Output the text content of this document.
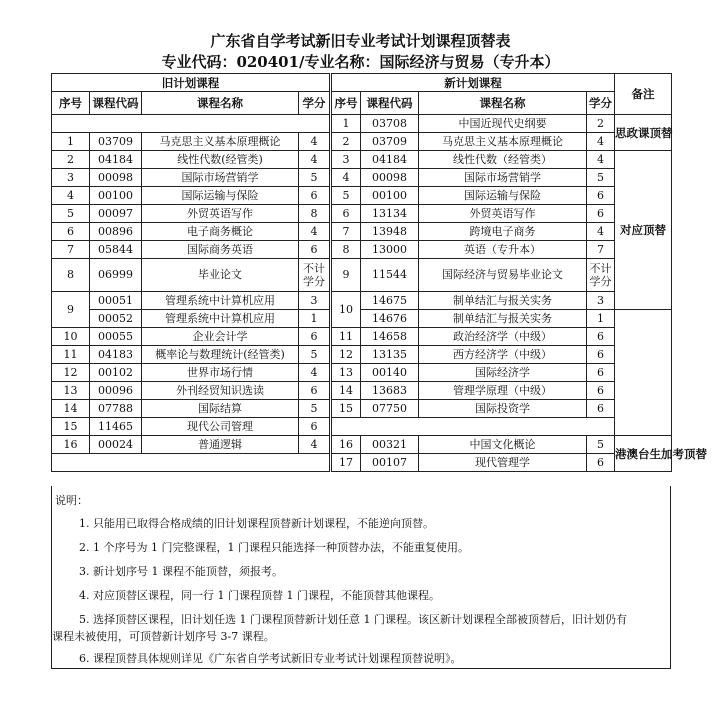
广东省自学考试新旧专业考试计划课程顶替表
专业代码：020401/专业名称：国际经济与贸易（专升本）
旧计划课程				新计划课程				备注	
序号	课程代码	课程名称	学分	序号	课程代码	课程名称	学分		
				1	03708	中国近现代史纲要	2	思政课顶替	
1	03709	马克思主义基本原理概论	4	2	03709	马克思主义基本原理概论	4		
2	04184	线性代数(经管类)	4	3	04184	线性代数（经管类）	4	对应顶替	
3	00098	国际市场营销学	5	4	00098	国际市场营销学	5		
4	00100	国际运输与保险	6	5	00100	国际运输与保险	6		
5	00097	外贸英语写作	8	6	13134	外贸英语写作	6		
6	00896	电子商务概论	4	7	13948	跨境电子商务	4		
7	05844	国际商务英语	6	8	13000	英语（专升本）	7		
8	06999	毕业论文	不计学分	9	11544	国际经济与贸易毕业论文	不计学分		
9	00051	管理系统中计算机应用	3	10	14675	制单结汇与报关实务	3	
	00052	管理系统中计算机应用	1		14676	制单结汇与报关实务	1		
10	00055	企业会计学	6	11	14658	政治经济学（中级）	6		
11	04183	概率论与数理统计(经管类)	5	12	13135	西方经济学（中级）	6		
12	00102	世界市场行情	4	13	00140	国际经济学	6		
13	00096	外刊经贸知识选读	6	14	13683	管理学原理（中级）	6		
14	07788	国际结算	5	15	07750	国际投资学	6		
15	11465	现代公司管理	6						
16	00024	普通逻辑	4	16	00321	中国文化概论	5	港澳台生加考顶替	
				17	00107	现代管理学	6		
说明：
1. 只能用已取得合格成绩的旧计划课程顶替新计划课程，不能逆向顶替。
2. 1 个序号为 1 门完整课程，1 门课程只能选择一种顶替办法，不能重复使用。
3. 新计划序号 1 课程不能顶替，须报考。
4. 对应顶替区课程，同一行 1 门课程顶替 1 门课程，不能顶替其他课程。
5. 选择顶替区课程，旧计划任选 1 门课程顶替新计划任意 1 门课程。该区新计划课程全部被顶替后，旧计划仍有
课程未被使用，可顶替新计划序号 3-7 课程。
6. 课程顶替具体规则详见《广东省自学考试新旧专业考试计划课程顶替说明》。
